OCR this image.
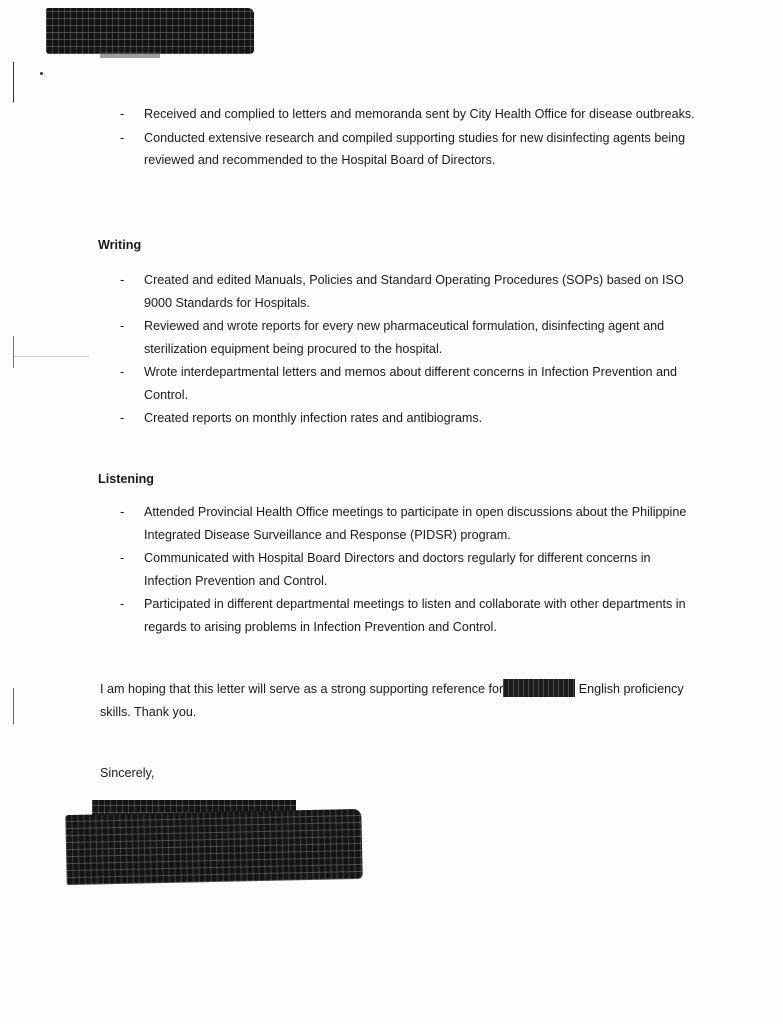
-	Received and complied to letters and memoranda sent by City Health Office for disease outbreaks.
-	Conducted extensive research and compiled supporting studies for new disinfecting agents being reviewed and recommended to the Hospital Board of Directors.
Writing
-	Created and edited Manuals, Policies and Standard Operating Procedures (SOPs) based on ISO 9000 Standards for Hospitals.
-	Reviewed and wrote reports for every new pharmaceutical formulation, disinfecting agent and sterilization equipment being procured to the hospital.
-	Wrote interdepartmental letters and memos about different concerns in Infection Prevention and Control.
-	Created reports on monthly infection rates and antibiograms.
Listening
-	Attended Provincial Health Office meetings to participate in open discussions about the Philippine Integrated Disease Surveillance and Response (PIDSR) program.
-	Communicated with Hospital Board Directors and doctors regularly for different concerns in Infection Prevention and Control.
-	Participated in different departmental meetings to listen and collaborate with other departments in regards to arising problems in Infection Prevention and Control.

I am hoping that this letter will serve as a strong supporting reference for	English proficiency skills. Thank you.

Sincerely,
